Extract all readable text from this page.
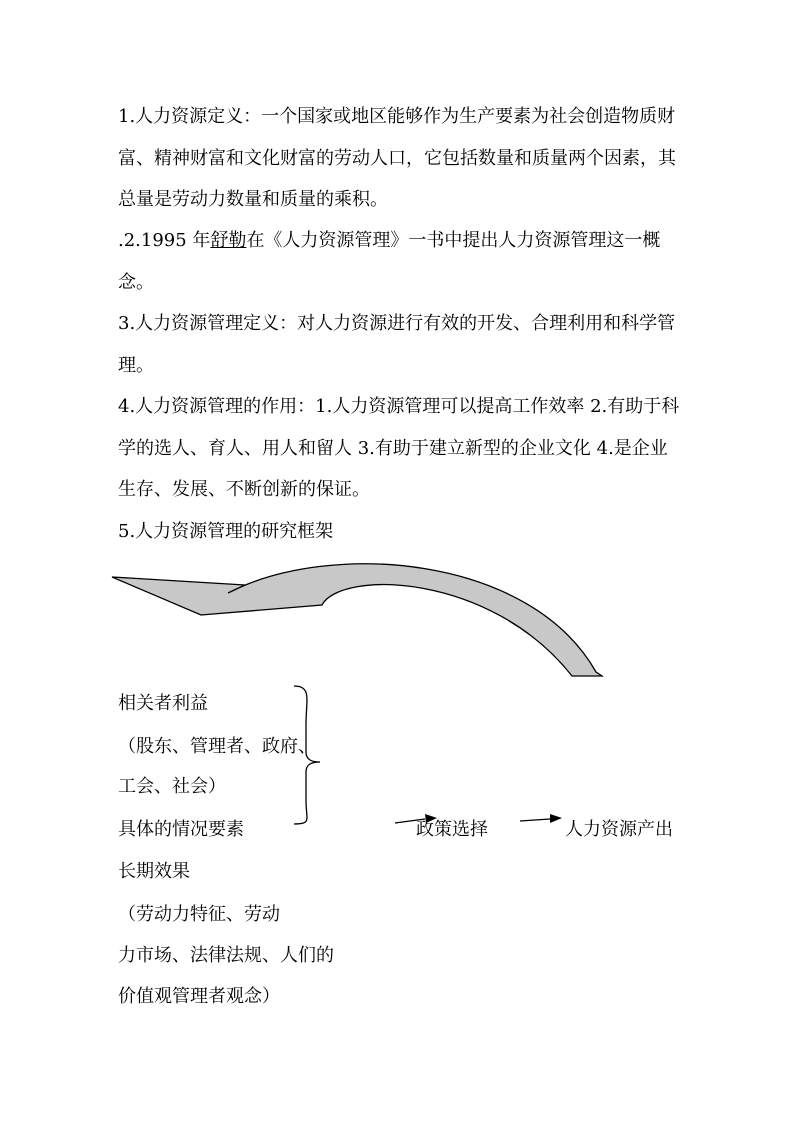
1.人力资源定义：一个国家或地区能够作为生产要素为社会创造物质财富、精神财富和文化财富的劳动人口，它包括数量和质量两个因素，其总量是劳动力数量和质量的乘积。

.2.1995 年舒勒在《人力资源管理》一书中提出人力资源管理这一概念。

3.人力资源管理定义：对人力资源进行有效的开发、合理利用和科学管理。

4.人力资源管理的作用：1.人力资源管理可以提高工作效率 2.有助于科学的选人、育人、用人和留人 3.有助于建立新型的企业文化 4.是企业生存、发展、不断创新的保证。

5.人力资源管理的研究框架

相关者利益
（股东、管理者、政府、
工会、社会）
具体的情况要素	政策选择	人力资源产出
长期效果
（劳动力特征、劳动
力市场、法律法规、人们的
价值观管理者观念）
